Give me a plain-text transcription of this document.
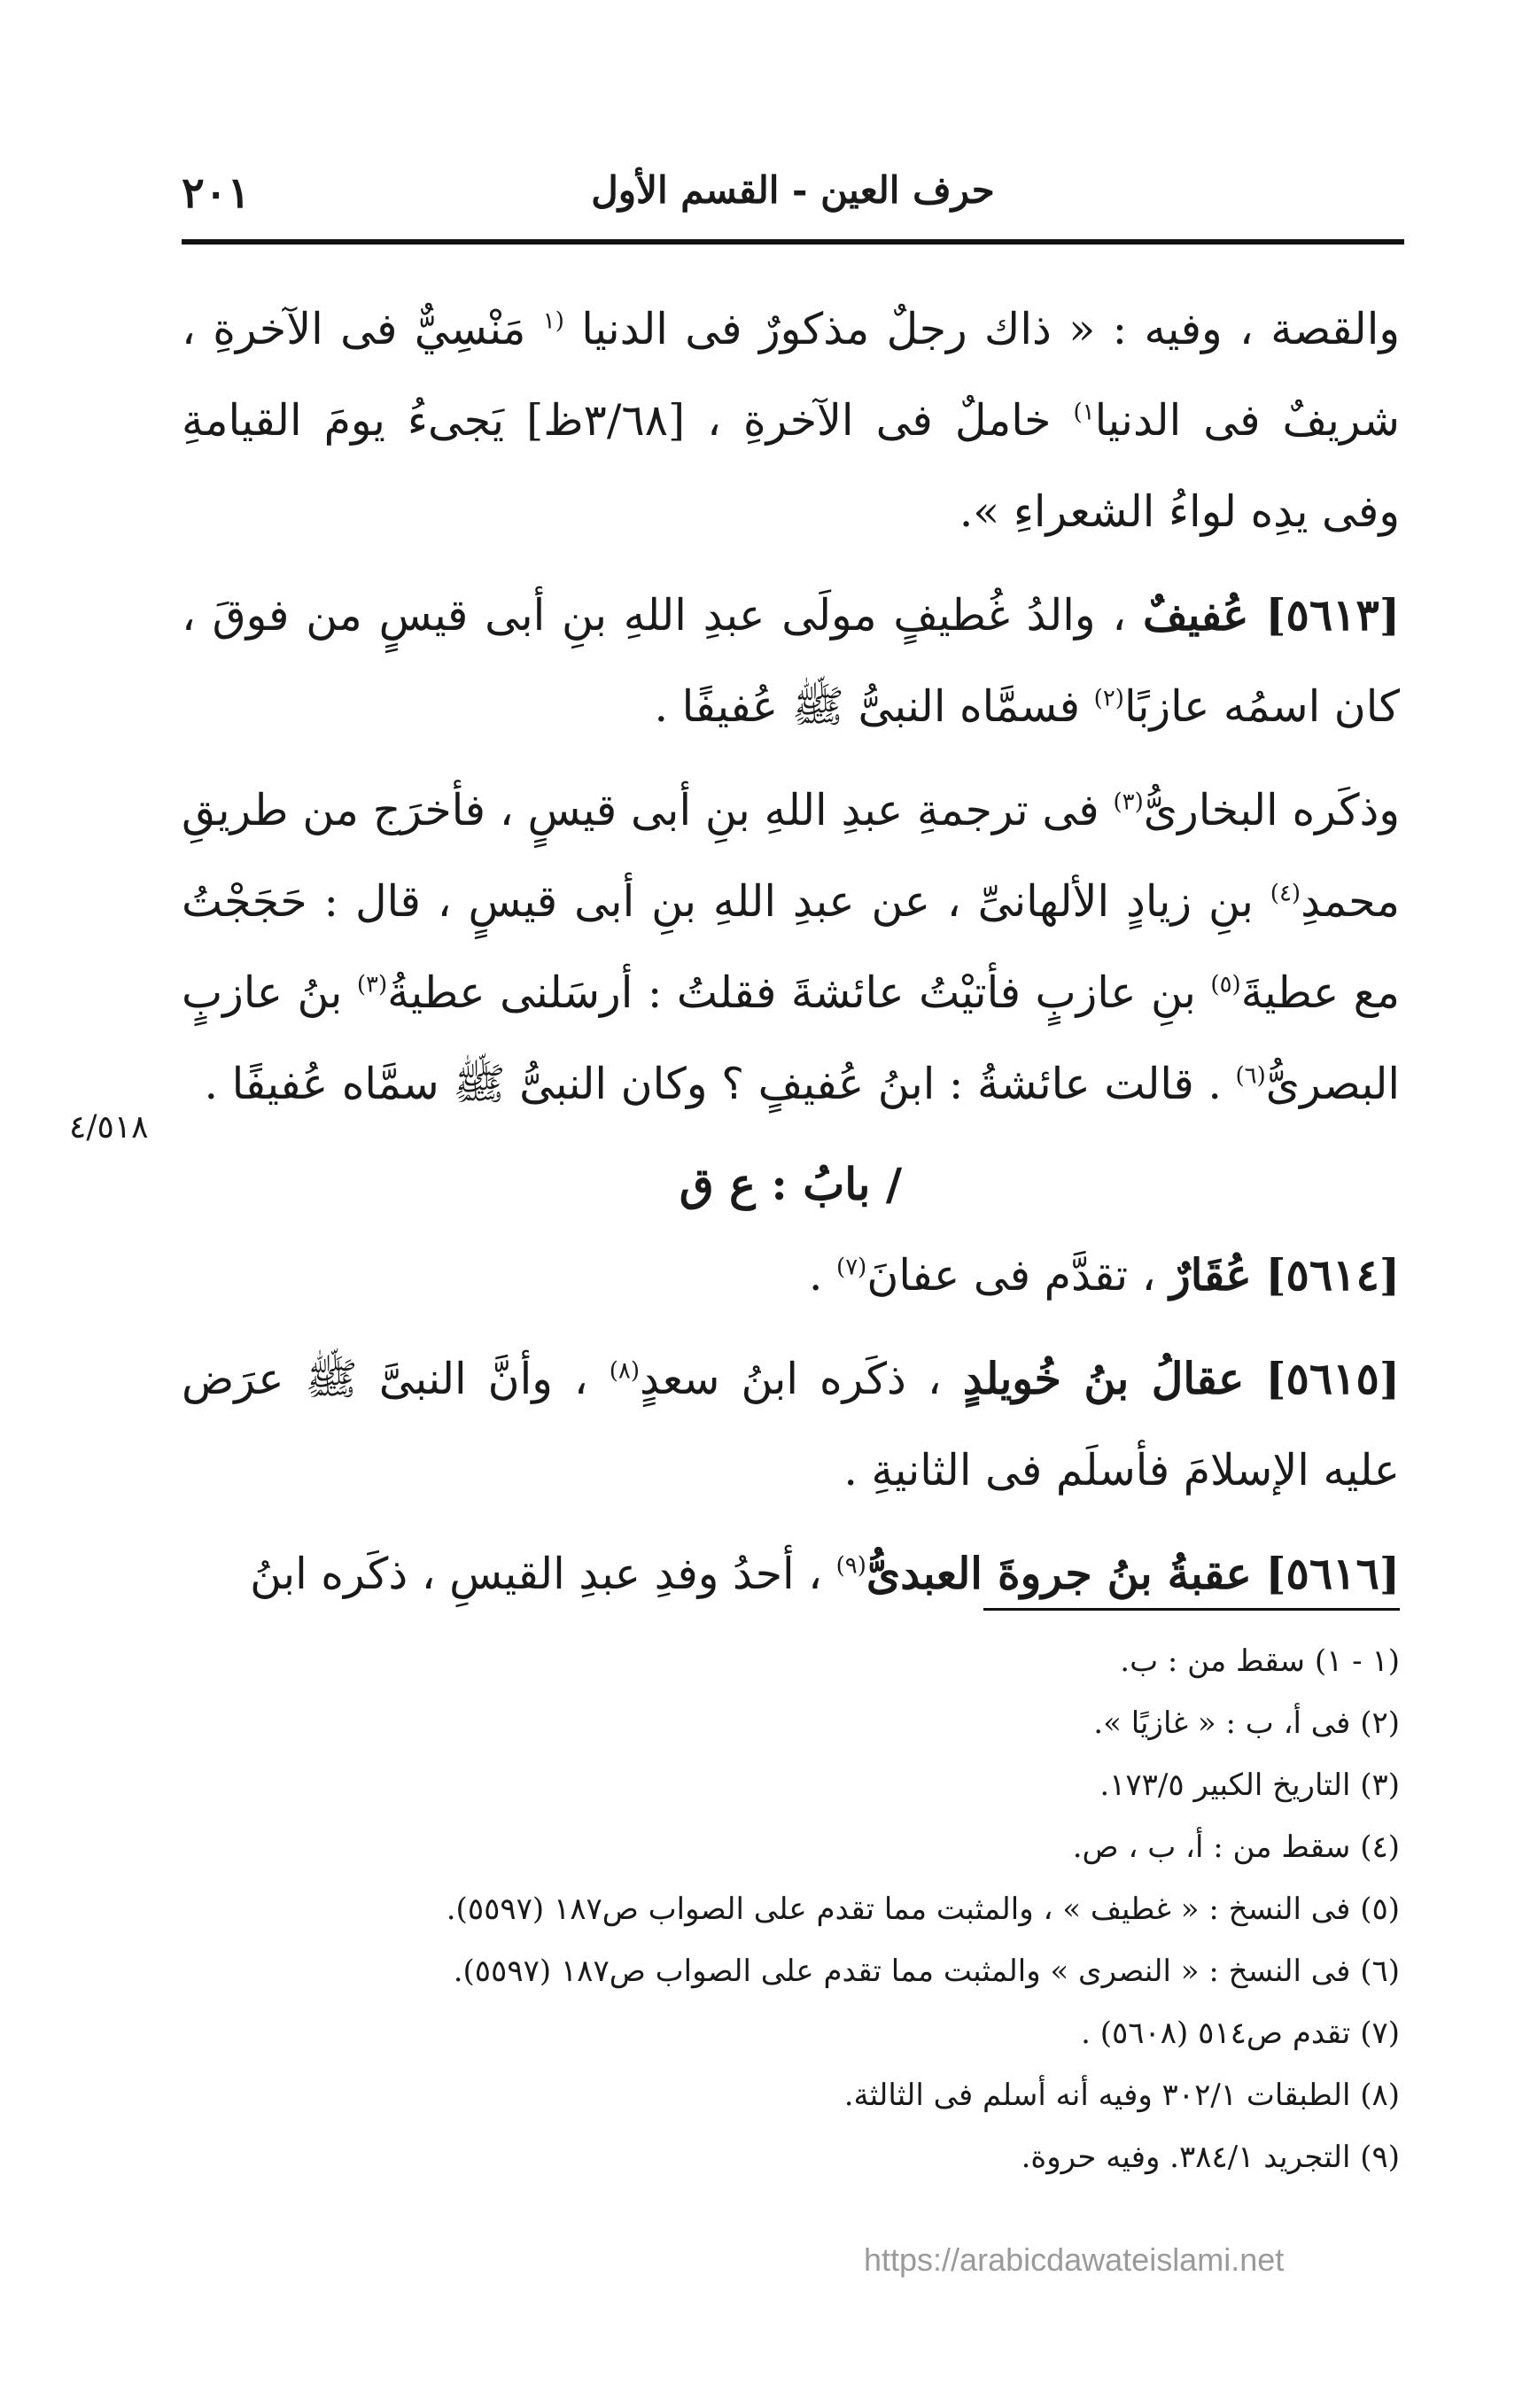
٢٠١	حرف العين - القسم الأول

والقصة ، وفيه : « ذاك رجلٌ مذكورٌ فى الدنيا $^{(١}$ مَنْسِيٌّ فى الآخرةِ ، شريفٌ فى الدنيا$^{١)}$ خاملٌ فى الآخرةِ ، [٣/٦٨ظ] يَجىءُ يومَ القيامةِ وفى يدِه لواءُ الشعراءِ ».

[٥٦١٣] عُفيفٌ ، والدُ غُطيفٍ مولَى عبدِ اللهِ بنِ أبى قيسٍ من فوقَ ، كان اسمُه عازبًا$^{(٢)}$ فسمَّاه النبىُّ ﷺ عُفيفًا .

وذكَره البخارىُّ$^{(٣)}$ فى ترجمةِ عبدِ اللهِ بنِ أبى قيسٍ ، فأخرَج من طريقِ محمدِ$^{(٤)}$ بنِ زيادٍ الألهانىِّ ، عن عبدِ اللهِ بنِ أبى قيسٍ ، قال : حَجَجْتُ مع عطيةَ$^{(٥)}$ بنِ عازبٍ فأتيْتُ عائشةَ فقلتُ : أرسَلنى عطيةُ$^{(٣)}$ بنُ عازبٍ البصرىُّ$^{(٦)}$ . قالت عائشةُ : ابنُ عُفيفٍ ؟ وكان النبىُّ ﷺ سمَّاه عُفيفًا .

/ بابُ : ع ق

[٥٦١٤] عُقَارٌ ، تقدَّم فى عفانَ$^{(٧)}$ .

[٥٦١٥] عقالُ بنُ خُويلدٍ ، ذكَره ابنُ سعدٍ$^{(٨)}$ ، وأنَّ النبىَّ ﷺ عرَض عليه الإسلامَ فأسلَم فى الثانيةِ .

[٥٦١٦] عقبةُ بنُ جروةَ العبدىُّ$^{(٩)}$ ، أحدُ وفدِ عبدِ القيسِ ، ذكَره ابنُ

٤/٥١٨

(١ - ١) سقط من : ب.

(٢) فى أ، ب : « غازيًا ».

(٣) التاريخ الكبير ١٧٣/٥.

(٤) سقط من : أ، ب ، ص.

(٥) فى النسخ : « غطيف » ، والمثبت مما تقدم على الصواب ص١٨٧ (٥٥٩٧).

(٦) فى النسخ : « النصرى » والمثبت مما تقدم على الصواب ص١٨٧ (٥٥٩٧).

(٧) تقدم ص٥١٤ (٥٦٠٨) .

(٨) الطبقات ٣٠٢/١ وفيه أنه أسلم فى الثالثة.

(٩) التجريد ٣٨٤/١. وفيه حروة.

https://arabicdawateislami.net
